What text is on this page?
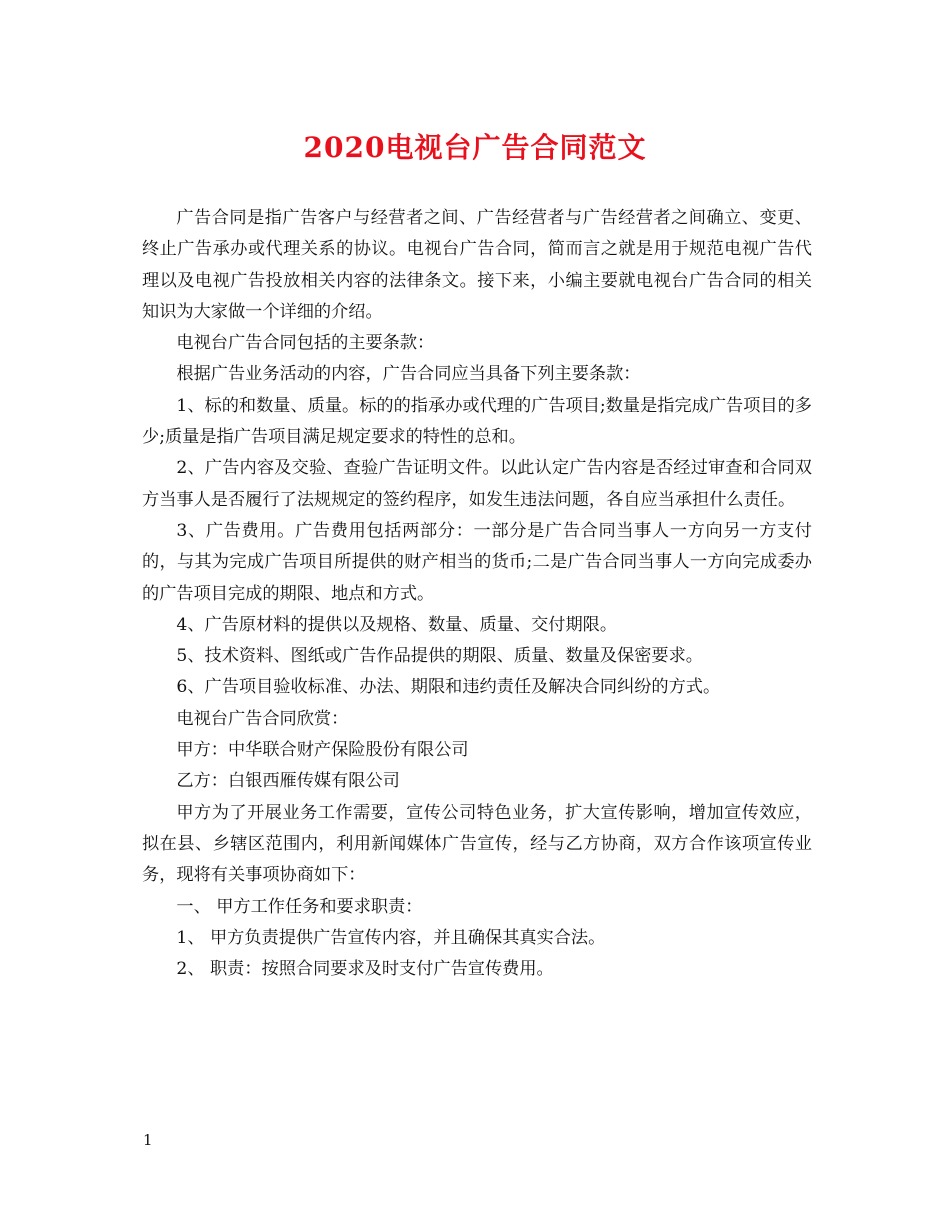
2020电视台广告合同范文

广告合同是指广告客户与经营者之间、广告经营者与广告经营者之间确立、变更、终止广告承办或代理关系的协议。电视台广告合同，简而言之就是用于规范电视广告代理以及电视广告投放相关内容的法律条文。接下来，小编主要就电视台广告合同的相关知识为大家做一个详细的介绍。

电视台广告合同包括的主要条款：

根据广告业务活动的内容，广告合同应当具备下列主要条款：

1、标的和数量、质量。标的的指承办或代理的广告项目;数量是指完成广告项目的多少;质量是指广告项目满足规定要求的特性的总和。

2、广告内容及交验、查验广告证明文件。以此认定广告内容是否经过审查和合同双方当事人是否履行了法规规定的签约程序，如发生违法问题，各自应当承担什么责任。

3、广告费用。广告费用包括两部分：一部分是广告合同当事人一方向另一方支付的，与其为完成广告项目所提供的财产相当的货币;二是广告合同当事人一方向完成委办的广告项目完成的期限、地点和方式。

4、广告原材料的提供以及规格、数量、质量、交付期限。

5、技术资料、图纸或广告作品提供的期限、质量、数量及保密要求。

6、广告项目验收标准、办法、期限和违约责任及解决合同纠纷的方式。

电视台广告合同欣赏：

甲方：中华联合财产保险股份有限公司

乙方：白银西雁传媒有限公司

甲方为了开展业务工作需要，宣传公司特色业务，扩大宣传影响，增加宣传效应，拟在县、乡辖区范围内，利用新闻媒体广告宣传，经与乙方协商，双方合作该项宣传业务，现将有关事项协商如下：

一、 甲方工作任务和要求职责：

1、 甲方负责提供广告宣传内容，并且确保其真实合法。

2、 职责：按照合同要求及时支付广告宣传费用。

1
